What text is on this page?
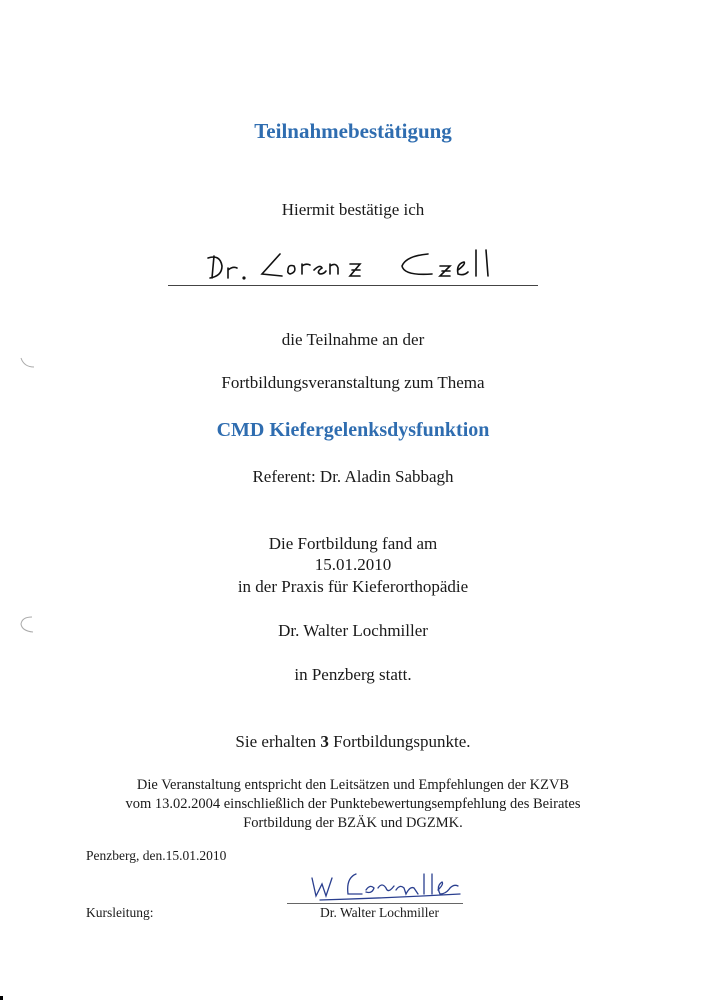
Teilnahmebestätigung
Hiermit bestätige ich
die Teilnahme an der
Fortbildungsveranstaltung zum Thema
CMD Kiefergelenksdysfunktion
Referent: Dr. Aladin Sabbagh
Die Fortbildung fand am
15.01.2010
in der Praxis für Kieferorthopädie
Dr. Walter Lochmiller
in Penzberg statt.
Sie erhalten 3 Fortbildungspunkte.
Die Veranstaltung entspricht den Leitsätzen und Empfehlungen der KZVB
vom 13.02.2004 einschließlich der Punktebewertungsempfehlung des Beirates
Fortbildung der BZÄK und DGZMK.
Penzberg, den.15.01.2010
Kursleitung:	Dr. Walter Lochmiller
